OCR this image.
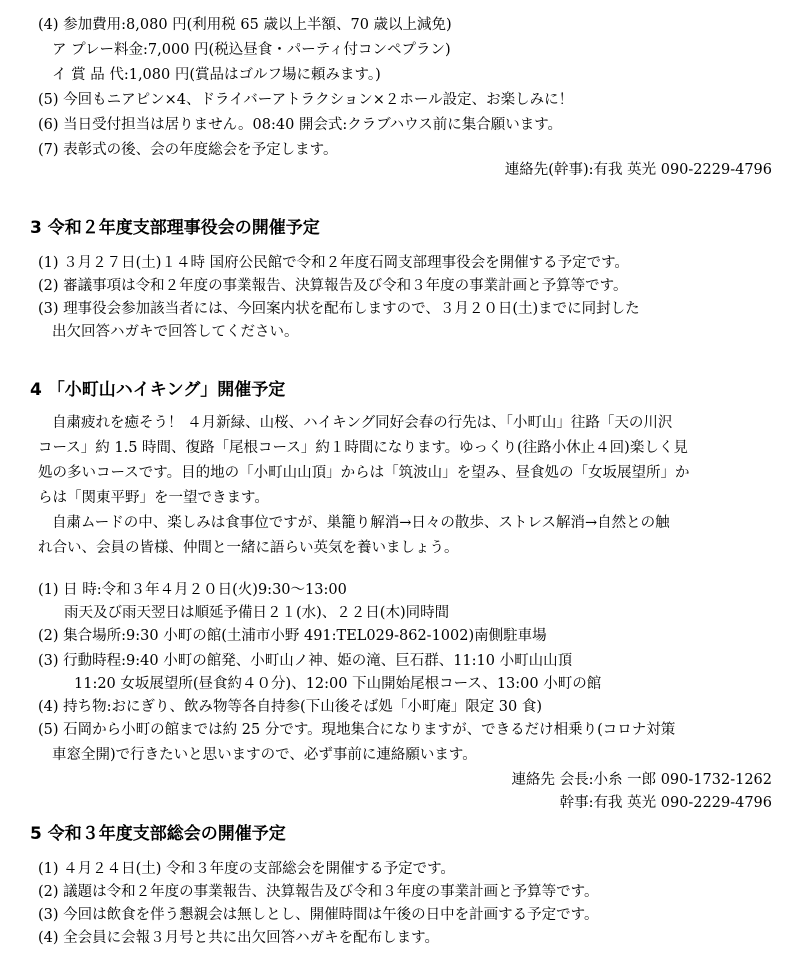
(4) 参加費用:8,080 円(利用税 65 歳以上半額、70 歳以上減免)
ア プレー料金:7,000 円(税込昼食・パーティ付コンペプラン)
イ 賞 品 代:1,080 円(賞品はゴルフ場に頼みます。)
(5) 今回もニアピン×4、ドライバーアトラクション×２ホール設定、お楽しみに！
(6) 当日受付担当は居りません。08:40 開会式:クラブハウス前に集合願います。
(7) 表彰式の後、会の年度総会を予定します。
連絡先(幹事):有我 英光 090-2229-4796
3 令和２年度支部理事役会の開催予定
(1) ３月２７日(土)１４時 国府公民館で令和２年度石岡支部理事役会を開催する予定です。
(2) 審議事項は令和２年度の事業報告、決算報告及び令和３年度の事業計画と予算等です。
(3) 理事役会参加該当者には、今回案内状を配布しますので、３月２０日(土)までに同封した
出欠回答ハガキで回答してください。
4 「小町山ハイキング」開催予定
自粛疲れを癒そう！ ４月新緑、山桜、ハイキング同好会春の行先は、「小町山」往路「天の川沢
コース」約 1.5 時間、復路「尾根コース」約１時間になります。ゆっくり(往路小休止４回)楽しく見
処の多いコースです。目的地の「小町山山頂」からは「筑波山」を望み、昼食処の「女坂展望所」か
らは「関東平野」を一望できます。
自粛ムードの中、楽しみは食事位ですが、巣籠り解消→日々の散歩、ストレス解消→自然との触
れ合い、会員の皆様、仲間と一緒に語らい英気を養いましょう。
(1) 日 時:令和３年４月２０日(火)9:30～13:00
雨天及び雨天翌日は順延予備日２１(水)、２２日(木)同時間
(2) 集合場所:9:30 小町の館(土浦市小野 491:TEL029-862-1002)南側駐車場
(3) 行動時程:9:40 小町の館発、小町山ノ神、姫の滝、巨石群、11:10 小町山山頂
11:20 女坂展望所(昼食約４０分)、12:00 下山開始尾根コース、13:00 小町の館
(4) 持ち物:おにぎり、飲み物等各自持参(下山後そば処「小町庵」限定 30 食)
(5) 石岡から小町の館までは約 25 分です。現地集合になりますが、できるだけ相乗り(コロナ対策
車窓全開)で行きたいと思いますので、必ず事前に連絡願います。
連絡先 会長:小糸 一郎 090-1732-1262
幹事:有我 英光 090-2229-4796
5 令和３年度支部総会の開催予定
(1) ４月２４日(土) 令和３年度の支部総会を開催する予定です。
(2) 議題は令和２年度の事業報告、決算報告及び令和３年度の事業計画と予算等です。
(3) 今回は飲食を伴う懇親会は無しとし、開催時間は午後の日中を計画する予定です。
(4) 全会員に会報３月号と共に出欠回答ハガキを配布します。
